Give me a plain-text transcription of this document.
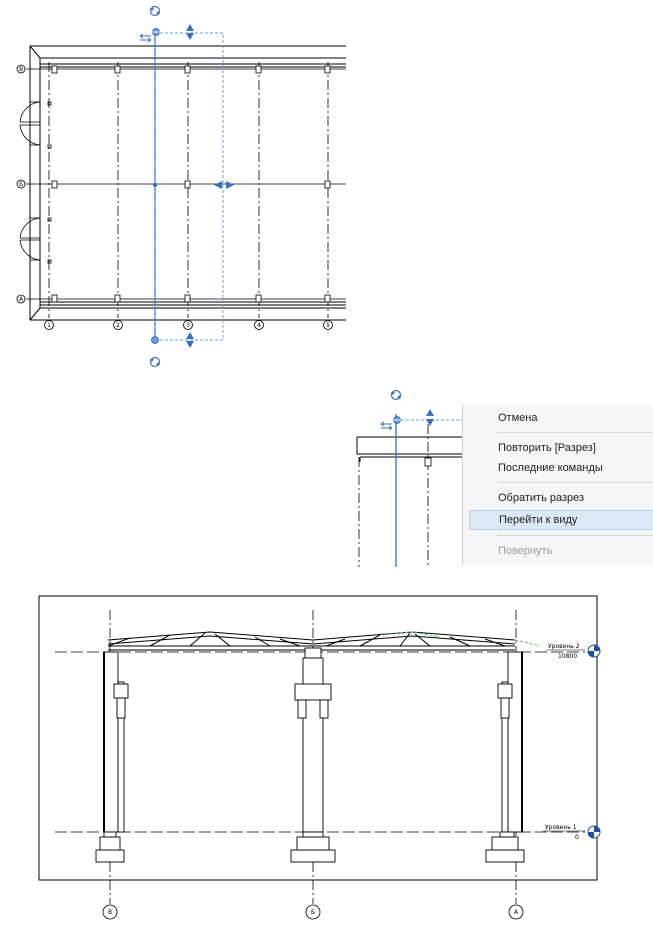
В
Б
А
1	2	3	4	5
Отмена
Повторить [Разрез]
Последние команды
Обратить разрез
Перейти к виду
Повернуть
Уровень 2
10800
Уровень 1
0
В	Б	А
